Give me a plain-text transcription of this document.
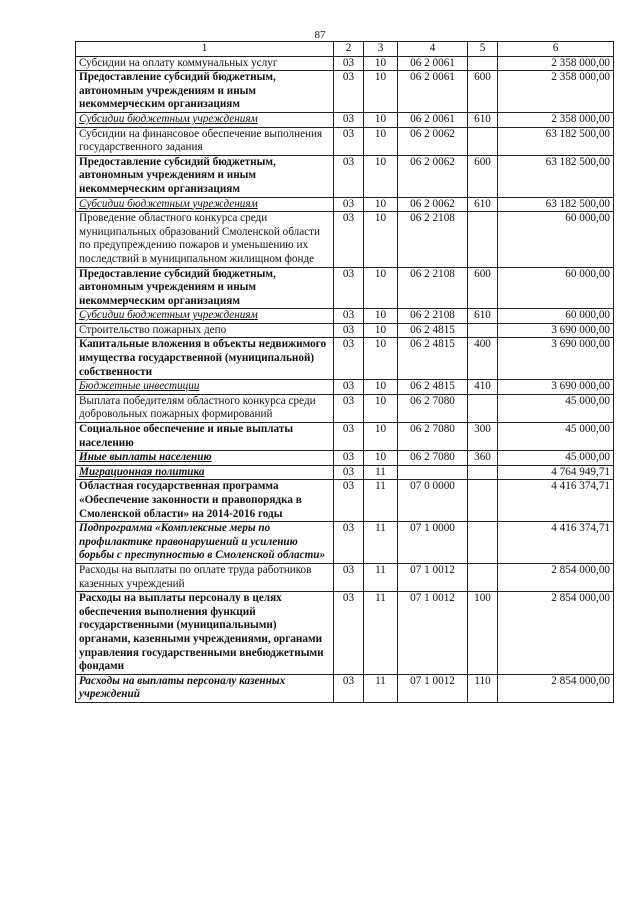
87
1	2	3	4	5	6
Субсидии на оплату коммунальных услуг	03	10	06 2 0061		2 358 000,00
Предоставление субсидий бюджетным, автономным учреждениям и иным некоммерческим организациям	03	10	06 2 0061	600	2 358 000,00
Субсидии бюджетным учреждениям	03	10	06 2 0061	610	2 358 000,00
Субсидии на финансовое обеспечение выполнения государственного задания	03	10	06 2 0062		63 182 500,00
Предоставление субсидий бюджетным, автономным учреждениям и иным некоммерческим организациям	03	10	06 2 0062	600	63 182 500,00
Субсидии бюджетным учреждениям	03	10	06 2 0062	610	63 182 500,00
Проведение областного конкурса среди муниципальных образований Смоленской области по предупреждению пожаров и уменьшению их последствий в муниципальном жилищном фонде	03	10	06 2 2108		60 000,00
Предоставление субсидий бюджетным, автономным учреждениям и иным некоммерческим организациям	03	10	06 2 2108	600	60 000,00
Субсидии бюджетным учреждениям	03	10	06 2 2108	610	60 000,00
Строительство пожарных депо	03	10	06 2 4815		3 690 000,00
Капитальные вложения в объекты недвижимого имущества государственной (муниципальной) собственности	03	10	06 2 4815	400	3 690 000,00
Бюджетные инвестиции	03	10	06 2 4815	410	3 690 000,00
Выплата победителям областного конкурса среди добровольных пожарных формирований	03	10	06 2 7080		45 000,00
Социальное обеспечение и иные выплаты населению	03	10	06 2 7080	300	45 000,00
Иные выплаты населению	03	10	06 2 7080	360	45 000,00
Миграционная политика	03	11			4 764 949,71
Областная государственная программа «Обеспечение законности и правопорядка в Смоленской области» на 2014-2016 годы	03	11	07 0 0000		4 416 374,71
Подпрограмма «Комплексные меры по профилактике правонарушений и усилению борьбы с преступностью в Смоленской области»	03	11	07 1 0000		4 416 374,71
Расходы на выплаты по оплате труда работников казенных учреждений	03	11	07 1 0012		2 854 000,00
Расходы на выплаты персоналу в целях обеспечения выполнения функций государственными (муниципальными) органами, казенными учреждениями, органами управления государственными внебюджетными фондами	03	11	07 1 0012	100	2 854 000,00
Расходы на выплаты персоналу казенных учреждений	03	11	07 1 0012	110	2 854 000,00
